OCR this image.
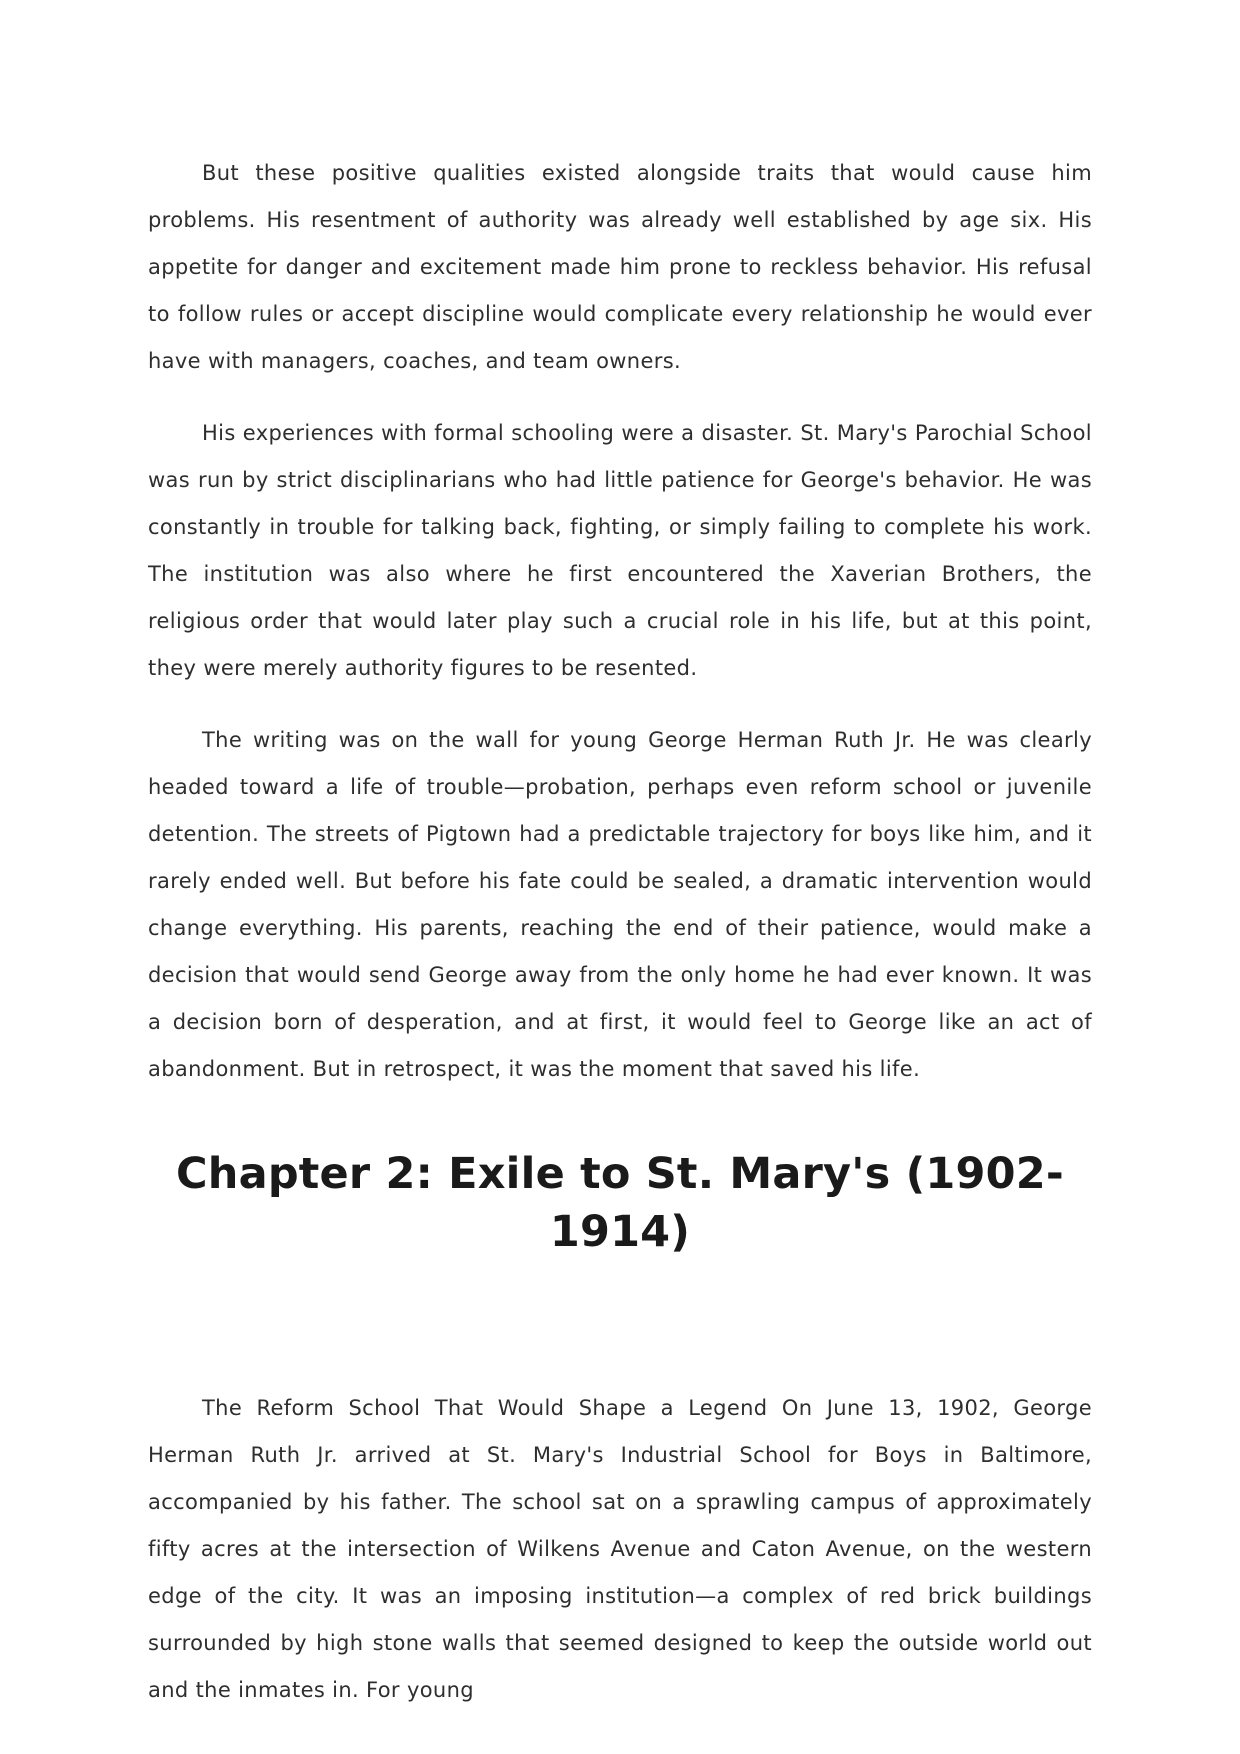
But these positive qualities existed alongside traits that would cause him problems. His resentment of authority was already well established by age six. His appetite for danger and excitement made him prone to reckless behavior. His refusal to follow rules or accept discipline would complicate every relationship he would ever have with managers, coaches, and team owners.

His experiences with formal schooling were a disaster. St. Mary's Parochial School was run by strict disciplinarians who had little patience for George's behavior. He was constantly in trouble for talking back, fighting, or simply failing to complete his work. The institution was also where he first encountered the Xaverian Brothers, the religious order that would later play such a crucial role in his life, but at this point, they were merely authority figures to be resented.

The writing was on the wall for young George Herman Ruth Jr. He was clearly headed toward a life of trouble—probation, perhaps even reform school or juvenile detention. The streets of Pigtown had a predictable trajectory for boys like him, and it rarely ended well. But before his fate could be sealed, a dramatic intervention would change everything. His parents, reaching the end of their patience, would make a decision that would send George away from the only home he had ever known. It was a decision born of desperation, and at first, it would feel to George like an act of abandonment. But in retrospect, it was the moment that saved his life.

Chapter 2: Exile to St. Mary's (1902-1914)

The Reform School That Would Shape a Legend On June 13, 1902, George Herman Ruth Jr. arrived at St. Mary's Industrial School for Boys in Baltimore, accompanied by his father. The school sat on a sprawling campus of approximately fifty acres at the intersection of Wilkens Avenue and Caton Avenue, on the western edge of the city. It was an imposing institution—a complex of red brick buildings surrounded by high stone walls that seemed designed to keep the outside world out and the inmates in. For young
